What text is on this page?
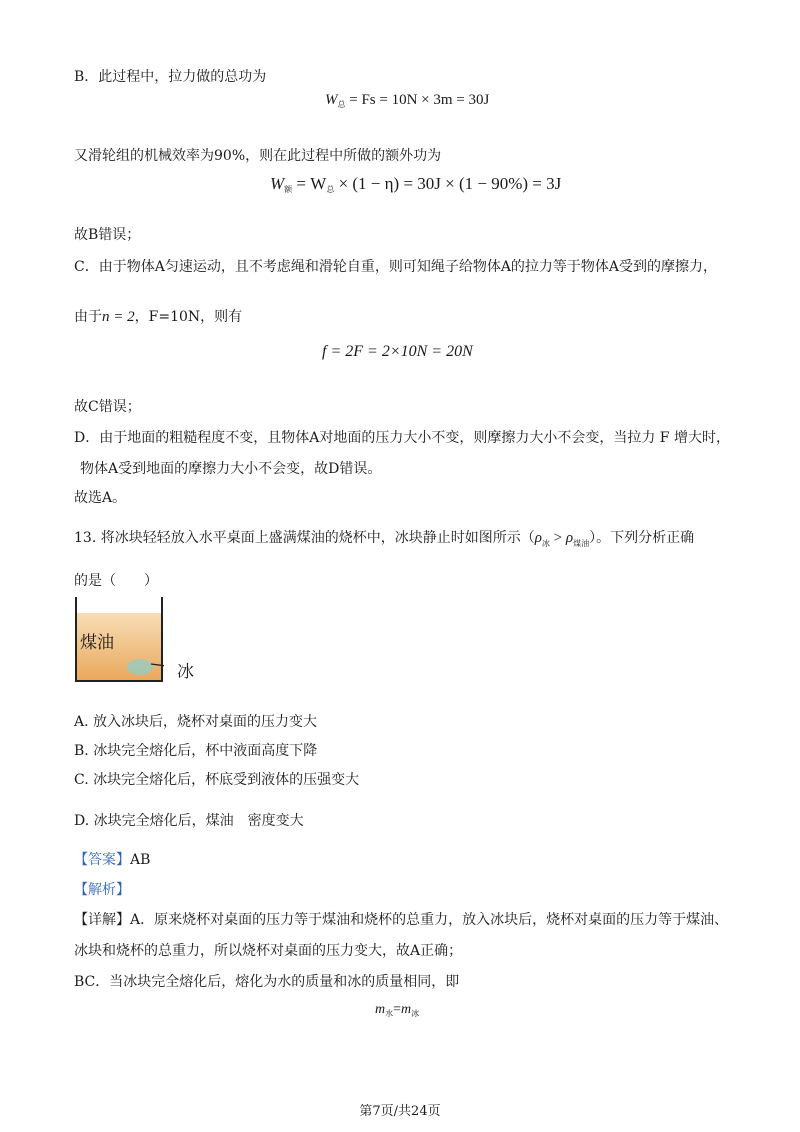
B．此过程中，拉力做的总功为
$W_总 = Fs = 10N \times 3m = 30J$
又滑轮组的机械效率为90%，则在此过程中所做的额外功为
$W_额 = W_总 \times (1 - \eta) = 30J \times (1 - 90\%) = 3J$
故B错误；
C．由于物体A匀速运动，且不考虑绳和滑轮自重，则可知绳子给物体A的拉力等于物体A受到的摩擦力，
由于n = 2，F=10N，则有
f = 2F = 2×10N = 20N
故C错误；
D．由于地面的粗糙程度不变，且物体A对地面的压力大小不变，则摩擦力大小不会变，当拉力 F 增大时，
物体A受到地面的摩擦力大小不会变，故D错误。
故选A。
13. 将冰块轻轻放入水平桌面上盛满煤油的烧杯中，冰块静止时如图所示$(\rho_冰 > \rho_{煤油})$。下列分析正确
的是（　　）
煤油
冰
A. 放入冰块后，烧杯对桌面的压力变大
B. 冰块完全熔化后，杯中液面高度下降
C. 冰块完全熔化后，杯底受到液体的压强变大
D. 冰块完全熔化后，煤油　密度变大
【答案】AB
【解析】
【详解】A．原来烧杯对桌面的压力等于煤油和烧杯的总重力，放入冰块后，烧杯对桌面的压力等于煤油、
冰块和烧杯的总重力，所以烧杯对桌面的压力变大，故A正确；
BC．当冰块完全熔化后，熔化为水的质量和冰的质量相同，即
$m_水=m_冰$
第7页/共24页
